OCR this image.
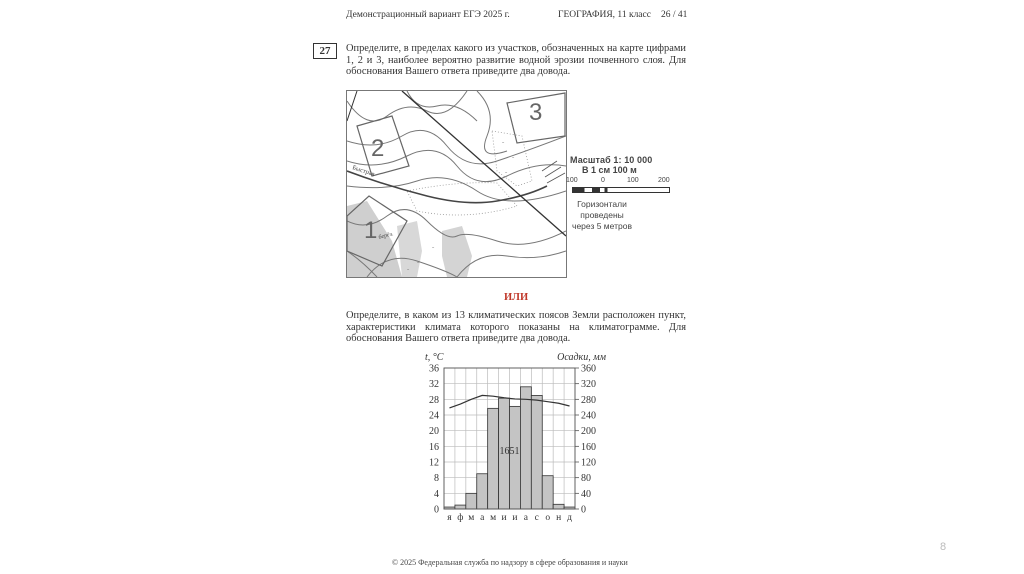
Демонстрационный вариант ЕГЭ 2025 г.	ГЕОГРАФИЯ, 11 класс 26 / 41
27	Определите, в пределах какого из участков, обозначенных на карте цифрами
1, 2 и 3, наиболее вероятно развитие водной эрозии почвенного слоя. Для
обоснования Вашего ответа приведите два довода.
ᵔ
ᵔ
ᵔ
ᵔ
ᵔ
ᵔ
Быстрая
берёз.
2
3
1
Масштаб 1: 10 000
В 1 см 100 м
100	0	100	200
Горизонтали проведены
через 5 метров
ИЛИ
Определите, в каком из 13 климатических поясов Земли расположен пункт,
характеристики климата которого показаны на климатограмме. Для
обоснования Вашего ответа приведите два довода.
0	0
4	40
8	80
12	120
16	160
20	200
24	240
28	280
32	320
36	360
1651
я ф м а м и и а с о н д
t, °C	Осадки, мм
© 2025 Федеральная служба по надзору в сфере образования и науки
8
